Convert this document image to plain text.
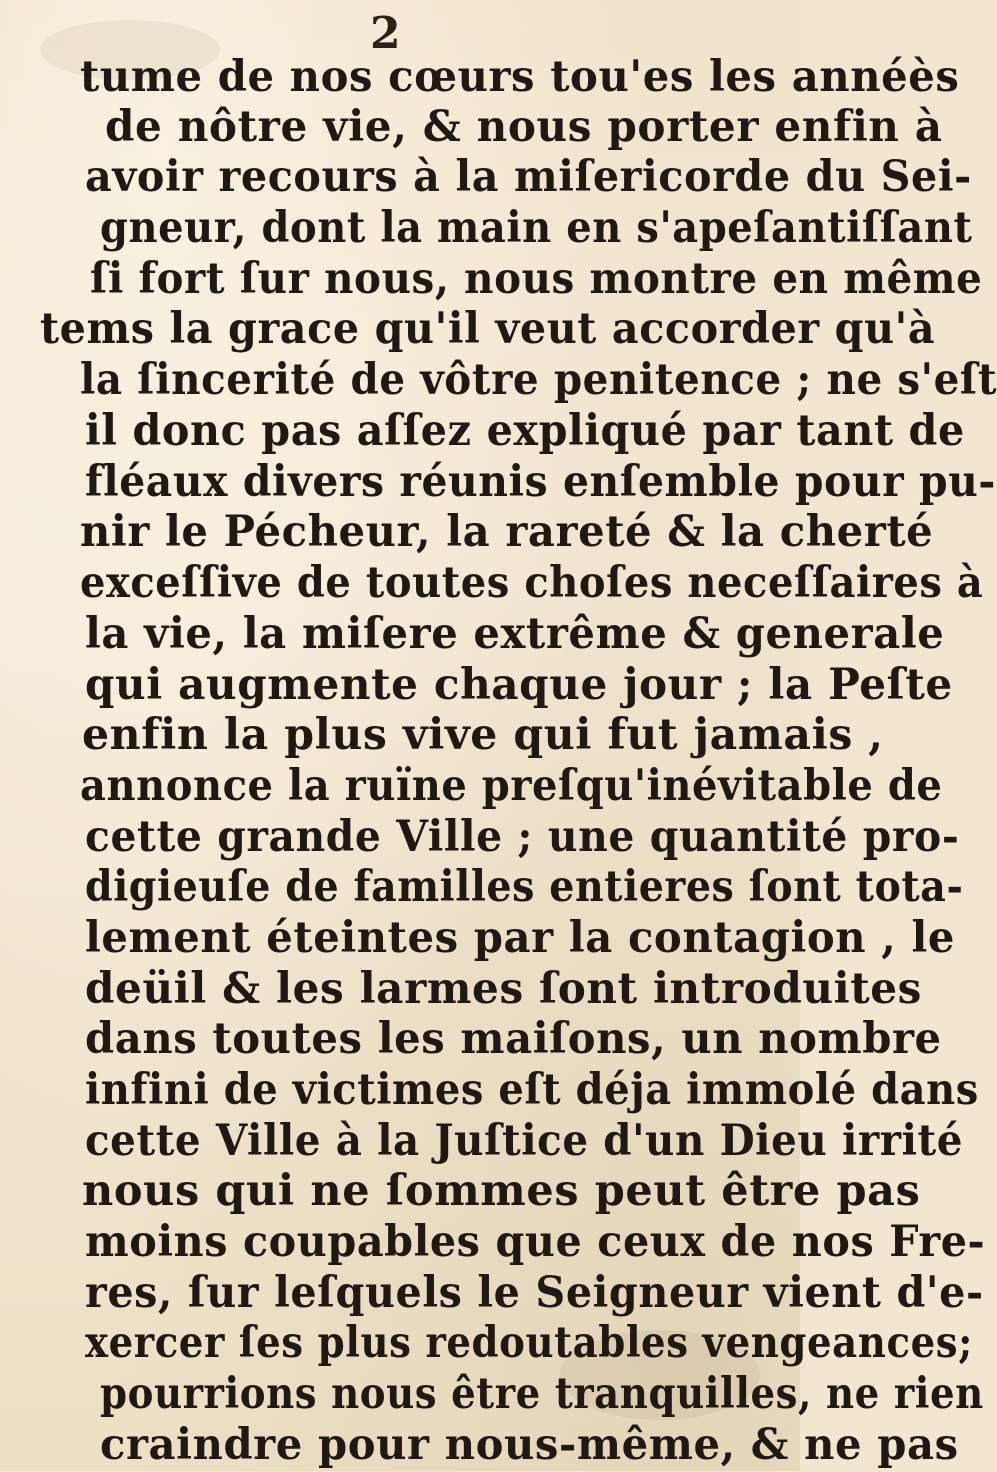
2
tume de nos cœurs tou'es les annéès
de nôtre vie, & nous porter enfin à
avoir recours à la miſericorde du Sei-
gneur, dont la main en s'apeſantiſſant
ſi fort ſur nous, nous montre en même
tems la grace qu'il veut accorder qu'à
la ſincerité de vôtre penitence ; ne s'eſt
il donc pas aſſez expliqué par tant de
fléaux divers réunis enſemble pour pu-
nir le Pécheur, la rareté & la cherté
exceſſive de toutes choſes neceſſaires à
la vie, la miſere extrême & generale
qui augmente chaque jour ; la Peſte
enfin la plus vive qui fut jamais ,
annonce la ruïne preſqu'inévitable de
cette grande Ville ; une quantité pro-
digieuſe de familles entieres ſont tota-
lement éteintes par la contagion , le
deüil & les larmes ſont introduites
dans toutes les maiſons, un nombre
infini de victimes eſt déja immolé dans
cette Ville à la Juſtice d'un Dieu irrité
nous qui ne ſommes peut être pas
moins coupables que ceux de nos Fre-
res, ſur leſquels le Seigneur vient d'e-
xercer ſes plus redoutables vengeances;
pourrions nous être tranquilles, ne rien
craindre pour nous-même, & ne pas
